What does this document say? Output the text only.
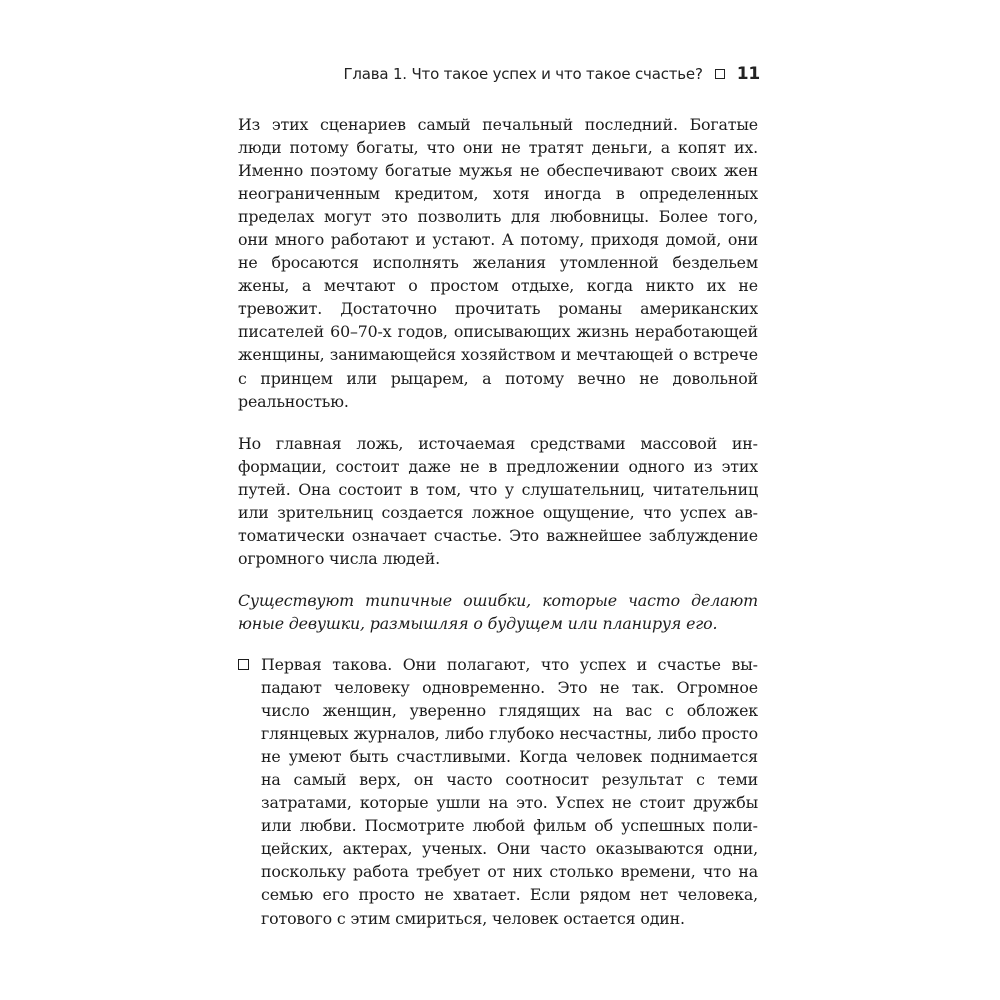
Глава 1. Что такое успех и что такое счастье? 11

Из этих сценариев самый печальный последний. Богатые люди потому богаты, что они не тратят деньги, а копят их. Именно поэтому богатые мужья не обеспечивают своих жен неограниченным кредитом, хотя иногда в определенных пределах могут это позволить для любовницы. Более того, они много работают и устают. А потому, приходя домой, они не бросаются исполнять желания утомленной бездельем жены, а мечтают о простом отдыхе, когда никто их не тревожит. Достаточно прочитать романы американских писателей 60–70-х годов, описывающих жизнь неработающей женщины, занимающейся хозяйством и мечтающей о встрече с принцем или рыцарем, а потому вечно не довольной реальностью.

Но главная ложь, источаемая средствами массовой информации, состоит даже не в предложении одного из этих путей. Она состоит в том, что у слушательниц, читательниц или зрительниц создается ложное ощущение, что успех автоматически означает счастье. Это важнейшее заблуждение огромного числа людей.

Существуют типичные ошибки, которые часто делают юные девушки, размышляя о будущем или планируя его.

Первая такова. Они полагают, что успех и счастье выпадают человеку одновременно. Это не так. Огромное число женщин, уверенно глядящих на вас с обложек глянцевых журналов, либо глубоко несчастны, либо просто не умеют быть счастливыми. Когда человек поднимается на самый верх, он часто соотносит результат с теми затратами, которые ушли на это. Успех не стоит дружбы или любви. Посмотрите любой фильм об успешных полицейских, актерах, ученых. Они часто оказываются одни, поскольку работа требует от них столько времени, что на семью его просто не хватает. Если рядом нет человека, готового с этим смириться, человек остается один.
